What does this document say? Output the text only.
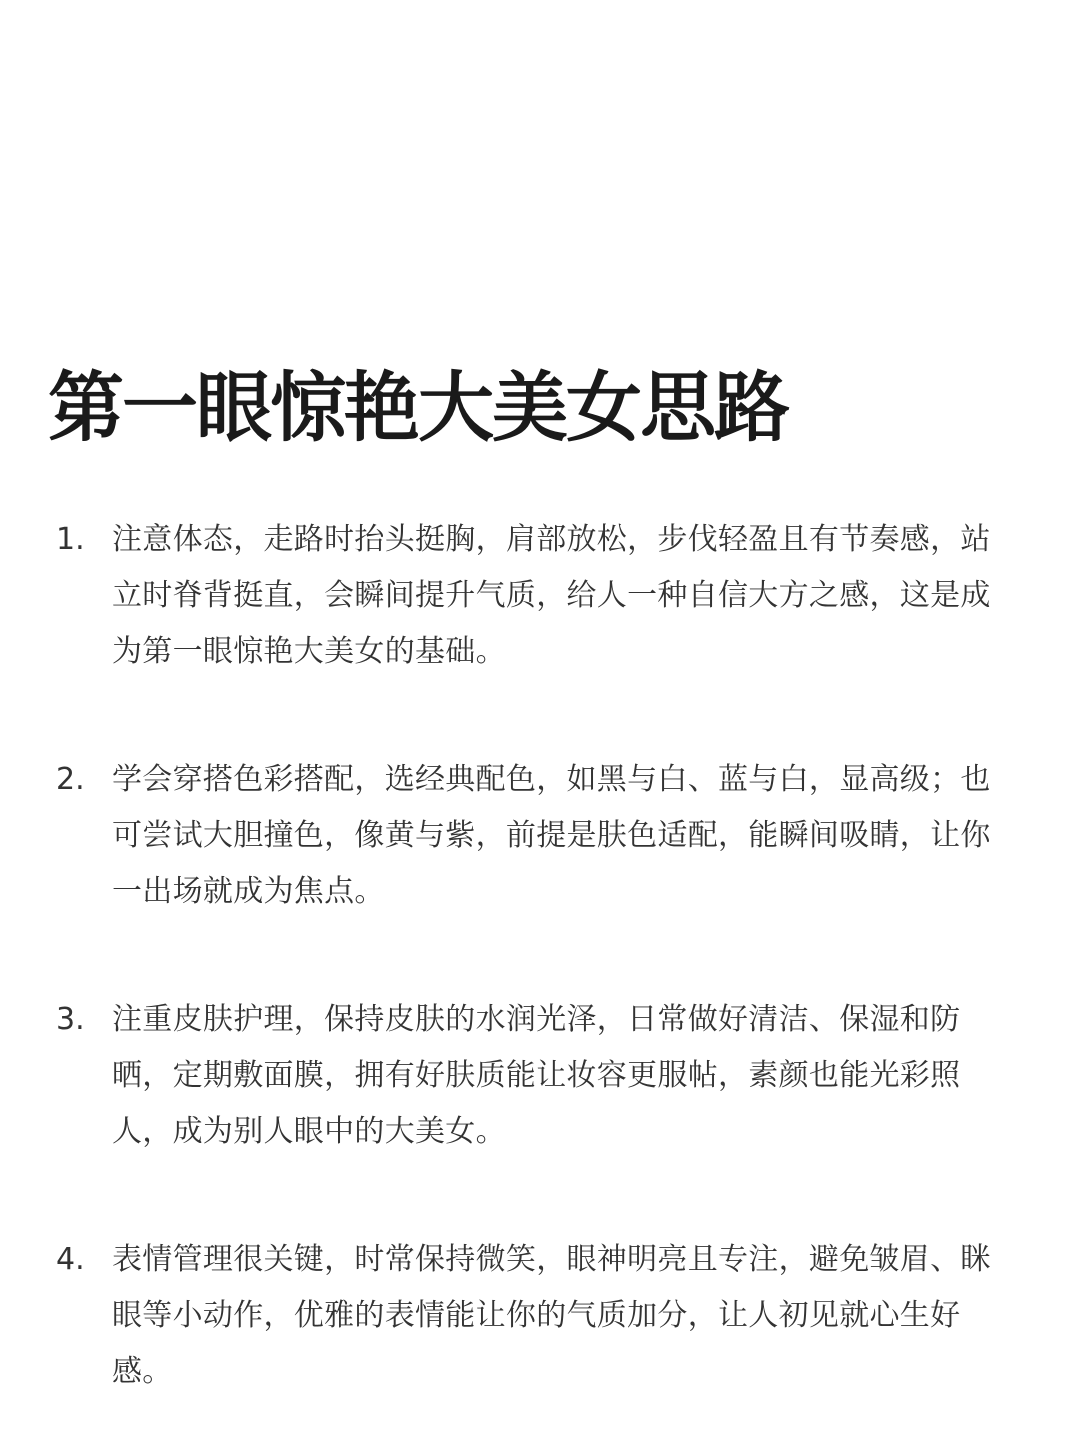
第一眼惊艳大美女思路
1. 注意体态，走路时抬头挺胸，肩部放松，步伐轻盈且有节奏感，站立时脊背挺直，会瞬间提升气质，给人一种自信大方之感，这是成为第一眼惊艳大美女的基础。
2. 学会穿搭色彩搭配，选经典配色，如黑与白、蓝与白，显高级；也可尝试大胆撞色，像黄与紫，前提是肤色适配，能瞬间吸睛，让你一出场就成为焦点。
3. 注重皮肤护理，保持皮肤的水润光泽，日常做好清洁、保湿和防晒，定期敷面膜，拥有好肤质能让妆容更服帖，素颜也能光彩照人，成为别人眼中的大美女。
4. 表情管理很关键，时常保持微笑，眼神明亮且专注，避免皱眉、眯眼等小动作，优雅的表情能让你的气质加分，让人初见就心生好感。
